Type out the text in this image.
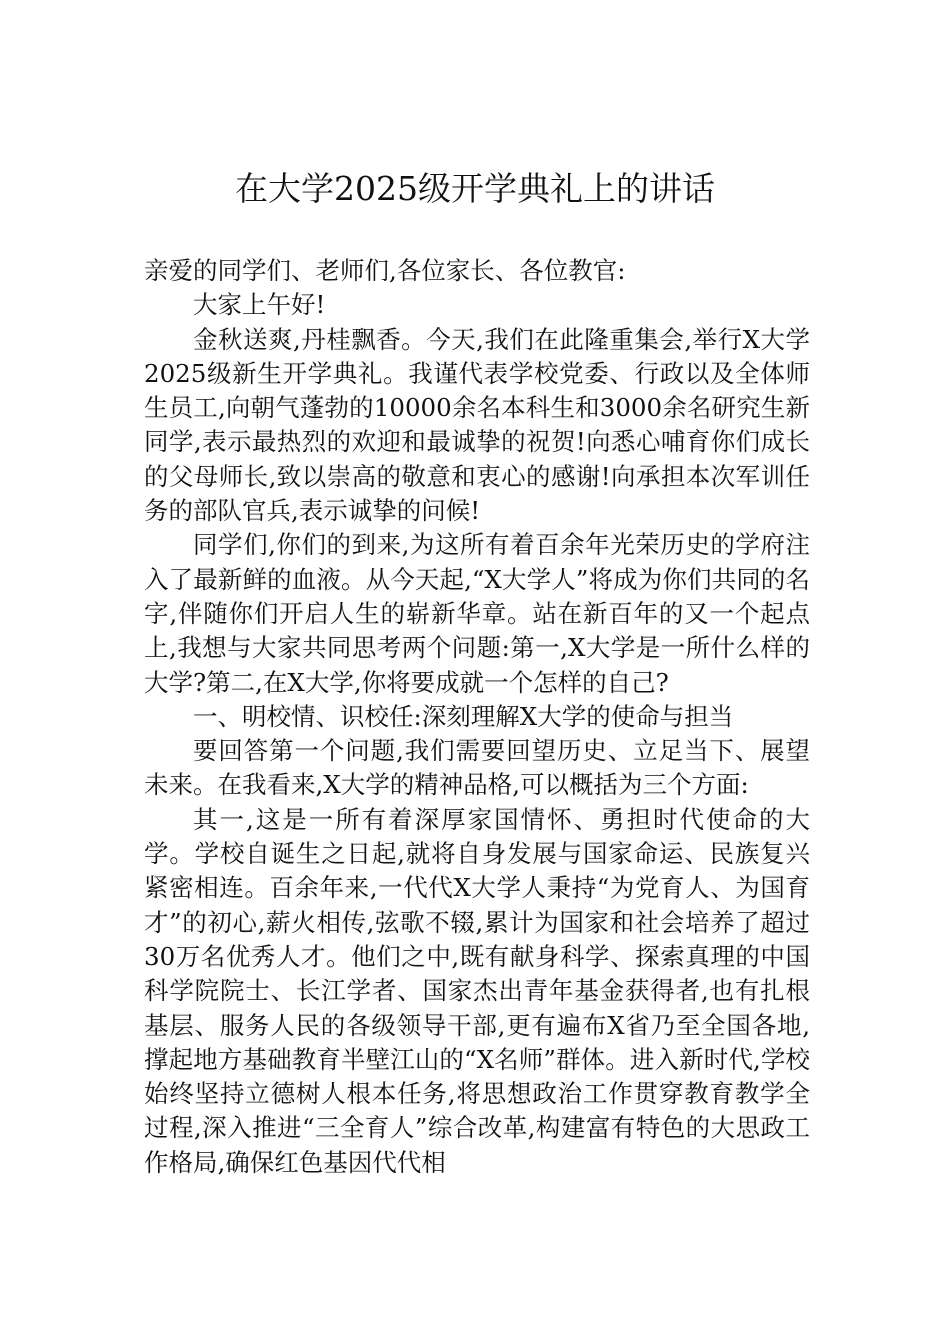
在大学2025级开学典礼上的讲话

亲爱的同学们、老师们,各位家长、各位教官:

大家上午好!

金秋送爽,丹桂飘香。今天,我们在此隆重集会,举行X大学2025级新生开学典礼。我谨代表学校党委、行政以及全体师生员工,向朝气蓬勃的10000余名本科生和3000余名研究生新同学,表示最热烈的欢迎和最诚挚的祝贺!向悉心哺育你们成长的父母师长,致以崇高的敬意和衷心的感谢!向承担本次军训任务的部队官兵,表示诚挚的问候!

同学们,你们的到来,为这所有着百余年光荣历史的学府注入了最新鲜的血液。从今天起,“X大学人”将成为你们共同的名字,伴随你们开启人生的崭新华章。站在新百年的又一个起点上,我想与大家共同思考两个问题:第一,X大学是一所什么样的大学?第二,在X大学,你将要成就一个怎样的自己?

一、明校情、识校任:深刻理解X大学的使命与担当

要回答第一个问题,我们需要回望历史、立足当下、展望未来。在我看来,X大学的精神品格,可以概括为三个方面:

其一,这是一所有着深厚家国情怀、勇担时代使命的大学。学校自诞生之日起,就将自身发展与国家命运、民族复兴紧密相连。百余年来,一代代X大学人秉持“为党育人、为国育才”的初心,薪火相传,弦歌不辍,累计为国家和社会培养了超过30万名优秀人才。他们之中,既有献身科学、探索真理的中国科学院院士、长江学者、国家杰出青年基金获得者,也有扎根基层、服务人民的各级领导干部,更有遍布X省乃至全国各地,撑起地方基础教育半壁江山的“X名师”群体。进入新时代,学校始终坚持立德树人根本任务,将思想政治工作贯穿教育教学全过程,深入推进“三全育人”综合改革,构建富有特色的大思政工作格局,确保红色基因代代相
